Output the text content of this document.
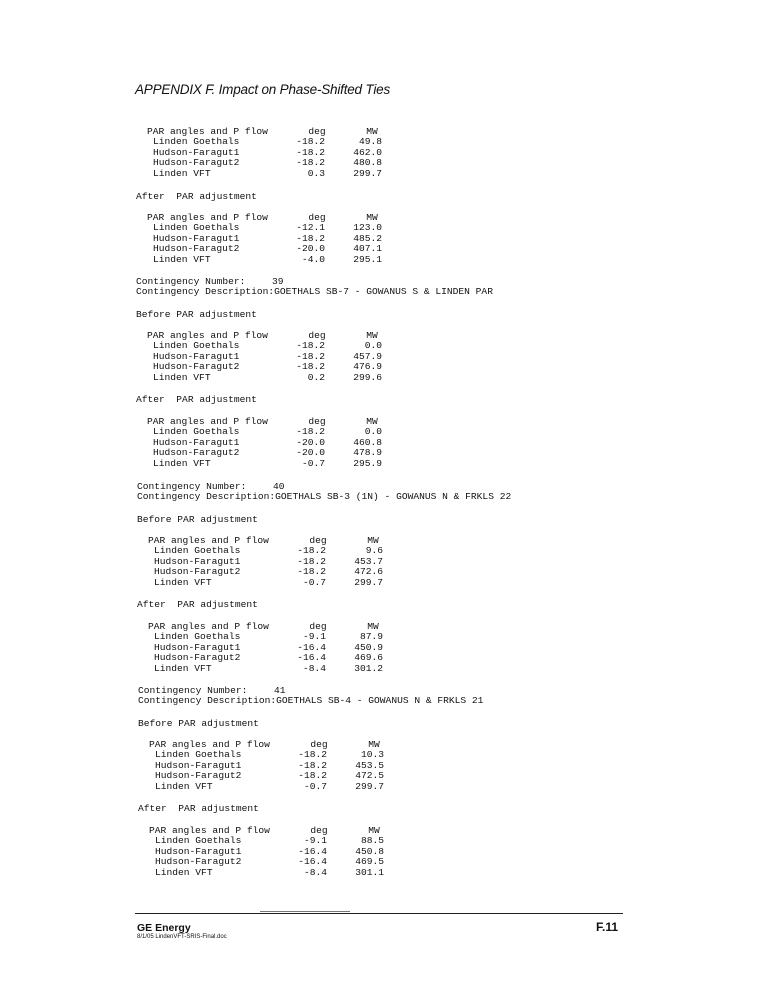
APPENDIX F. Impact on Phase-Shifted Ties
PAR angles and P flow	deg	MW
Linden Goethals	-18.2	49.8
Hudson-Faragut1	-18.2	462.0
Hudson-Faragut2	-18.2	480.8
Linden VFT	0.3	299.7
After  PAR adjustment
PAR angles and P flow	deg	MW
Linden Goethals	-12.1	123.0
Hudson-Faragut1	-18.2	485.2
Hudson-Faragut2	-20.0	407.1
Linden VFT	-4.0	295.1
Contingency Number:	39
Contingency Description:GOETHALS SB-7 - GOWANUS S & LINDEN PAR
Before PAR adjustment
PAR angles and P flow	deg	MW
Linden Goethals	-18.2	0.0
Hudson-Faragut1	-18.2	457.9
Hudson-Faragut2	-18.2	476.9
Linden VFT	0.2	299.6
After  PAR adjustment
PAR angles and P flow	deg	MW
Linden Goethals	-18.2	0.0
Hudson-Faragut1	-20.0	460.8
Hudson-Faragut2	-20.0	478.9
Linden VFT	-0.7	295.9
Contingency Number:	40
Contingency Description:GOETHALS SB-3 (1N) - GOWANUS N & FRKLS 22
Before PAR adjustment
PAR angles and P flow	deg	MW
Linden Goethals	-18.2	9.6
Hudson-Faragut1	-18.2	453.7
Hudson-Faragut2	-18.2	472.6
Linden VFT	-0.7	299.7
After  PAR adjustment
PAR angles and P flow	deg	MW
Linden Goethals	-9.1	87.9
Hudson-Faragut1	-16.4	450.9
Hudson-Faragut2	-16.4	469.6
Linden VFT	-8.4	301.2
Contingency Number:	41
Contingency Description:GOETHALS SB-4 - GOWANUS N & FRKLS 21
Before PAR adjustment
PAR angles and P flow	deg	MW
Linden Goethals	-18.2	10.3
Hudson-Faragut1	-18.2	453.5
Hudson-Faragut2	-18.2	472.5
Linden VFT	-0.7	299.7
After  PAR adjustment
PAR angles and P flow	deg	MW
Linden Goethals	-9.1	88.5
Hudson-Faragut1	-16.4	450.8
Hudson-Faragut2	-16.4	469.5
Linden VFT	-8.4	301.1
GE Energy
8/1/05 LindenVFT-SRIS-Final.doc
F.11
